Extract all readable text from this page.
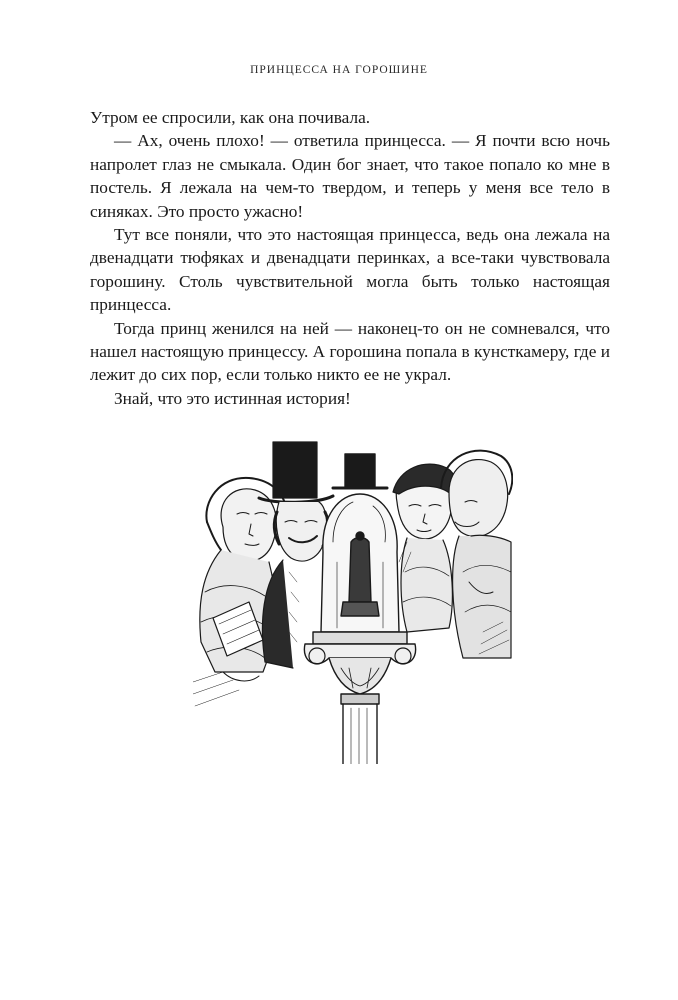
ПРИНЦЕССА НА ГОРОШИНЕ

Утром ее спросили, как она почивала.

— Ах, очень плохо! — ответила принцесса. — Я почти всю ночь напролет глаз не смыкала. Один бог знает, что такое попало ко мне в постель. Я лежала на чем-то твердом, и теперь у меня все тело в синяках. Это просто ужасно!

Тут все поняли, что это настоящая принцесса, ведь она лежала на двенадцати тюфяках и двенадцати перинках, а все-таки чувствовала горошину. Столь чувствительной могла быть только настоящая принцесса.

Тогда принц женился на ней — наконец-то он не сомневался, что нашел настоящую принцессу. А горошина попала в кунсткамеру, где и лежит до сих пор, если только никто ее не украл.

Знай, что это истинная история!
